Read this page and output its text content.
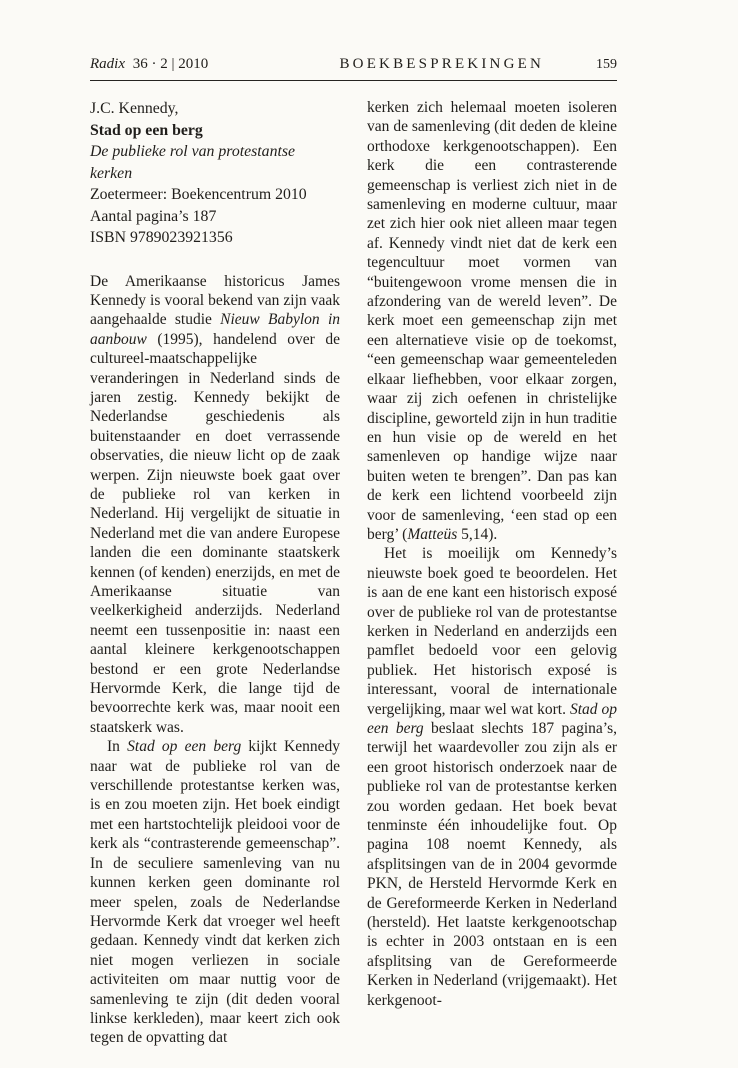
Radix 36 · 2 | 2010	BOEKBESPREKINGEN	159

J.C. Kennedy,

Stad op een berg

De publieke rol van protestantse kerken

Zoetermeer: Boekencentrum 2010

Aantal pagina’s 187

ISBN 9789023921356

De Amerikaanse historicus James Kennedy is vooral bekend van zijn vaak aangehaalde studie Nieuw Babylon in aanbouw (1995), handelend over de cultureel-maatschappelijke veranderingen in Nederland sinds de jaren zestig. Kennedy bekijkt de Nederlandse geschiedenis als buitenstaander en doet verrassende observaties, die nieuw licht op de zaak werpen. Zijn nieuwste boek gaat over de publieke rol van kerken in Nederland. Hij vergelijkt de situatie in Nederland met die van andere Europese landen die een dominante staatskerk kennen (of kenden) enerzijds, en met de Amerikaanse situatie van veelkerkigheid anderzijds. Nederland neemt een tussenpositie in: naast een aantal kleinere kerkgenootschappen bestond er een grote Nederlandse Hervormde Kerk, die lange tijd de bevoorrechte kerk was, maar nooit een staatskerk was.

In Stad op een berg kijkt Kennedy naar wat de publieke rol van de verschillende protestantse kerken was, is en zou moeten zijn. Het boek eindigt met een hartstochtelijk pleidooi voor de kerk als “contrasterende gemeenschap”. In de seculiere samenleving van nu kunnen kerken geen dominante rol meer spelen, zoals de Nederlandse Hervormde Kerk dat vroeger wel heeft gedaan. Kennedy vindt dat kerken zich niet mogen verliezen in sociale activiteiten om maar nuttig voor de samenleving te zijn (dit deden vooral linkse kerkleden), maar keert zich ook tegen de opvatting dat

kerken zich helemaal moeten isoleren van de samenleving (dit deden de kleine orthodoxe kerkgenootschappen). Een kerk die een contrasterende gemeenschap is verliest zich niet in de samenleving en moderne cultuur, maar zet zich hier ook niet alleen maar tegen af. Kennedy vindt niet dat de kerk een tegencultuur moet vormen van “buitengewoon vrome mensen die in afzondering van de wereld leven”. De kerk moet een gemeenschap zijn met een alternatieve visie op de toekomst, “een gemeenschap waar gemeenteleden elkaar liefhebben, voor elkaar zorgen, waar zij zich oefenen in christelijke discipline, geworteld zijn in hun traditie en hun visie op de wereld en het samenleven op handige wijze naar buiten weten te brengen”. Dan pas kan de kerk een lichtend voorbeeld zijn voor de samenleving, ‘een stad op een berg’ (Matteüs 5,14).

Het is moeilijk om Kennedy’s nieuwste boek goed te beoordelen. Het is aan de ene kant een historisch exposé over de publieke rol van de protestantse kerken in Nederland en anderzijds een pamflet bedoeld voor een gelovig publiek. Het historisch exposé is interessant, vooral de internationale vergelijking, maar wel wat kort. Stad op een berg beslaat slechts 187 pagina’s, terwijl het waardevoller zou zijn als er een groot historisch onderzoek naar de publieke rol van de protestantse kerken zou worden gedaan. Het boek bevat tenminste één inhoudelijke fout. Op pagina 108 noemt Kennedy, als afsplitsingen van de in 2004 gevormde PKN, de Hersteld Hervormde Kerk en de Gereformeerde Kerken in Nederland (hersteld). Het laatste kerkgenootschap is echter in 2003 ontstaan en is een afsplitsing van de Gereformeerde Kerken in Nederland (vrijgemaakt). Het kerkgenoot-
